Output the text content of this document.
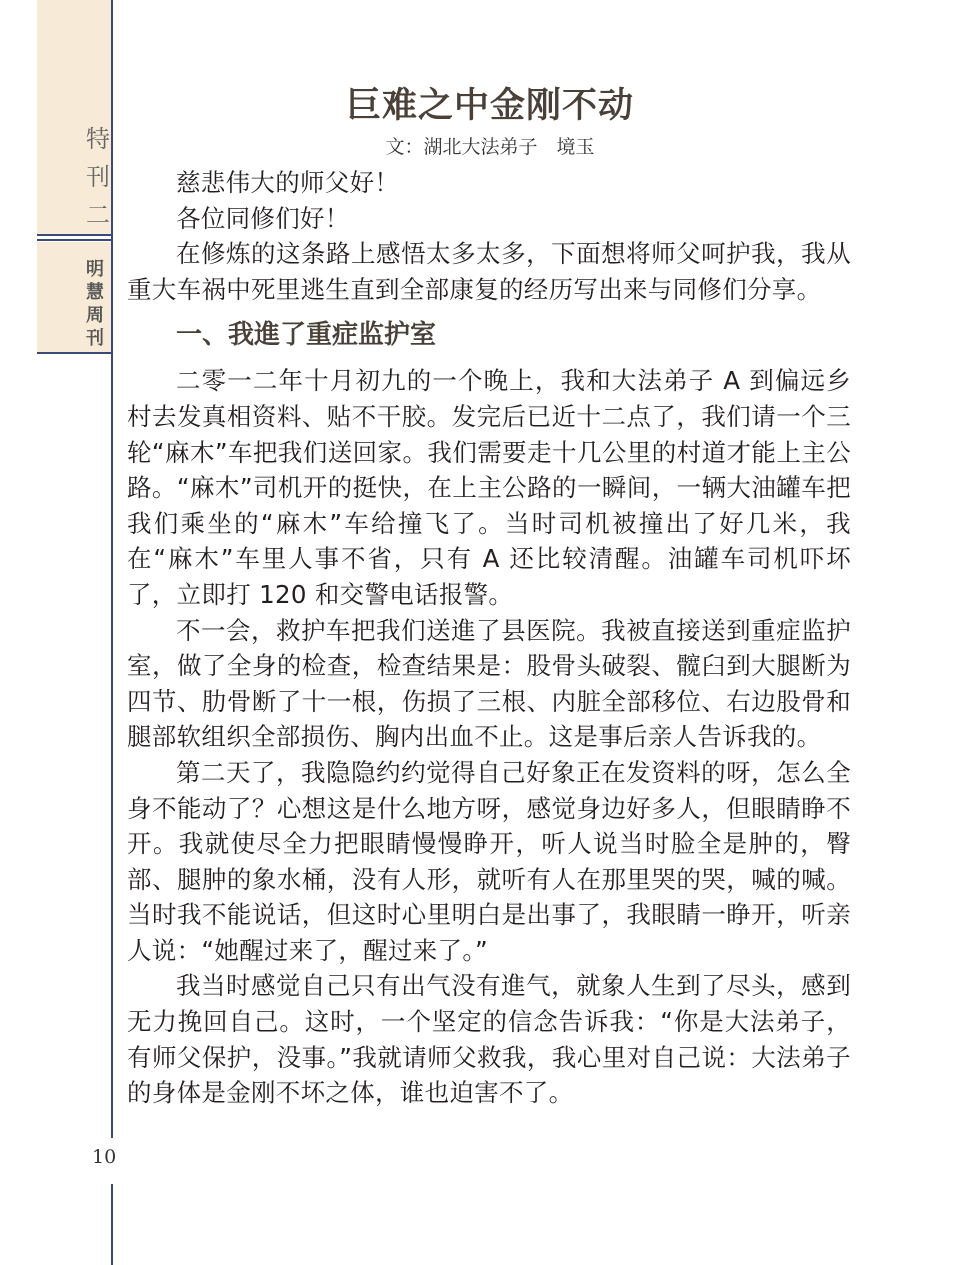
特
刊
二
明
慧
周
刊
10
巨难之中金刚不动
文：湖北大法弟子　境玉

慈悲伟大的师父好！

各位同修们好！

在修炼的这条路上感悟太多太多，下面想将师父呵护我，我从重大车祸中死里逃生直到全部康复的经历写出来与同修们分享。

一、我進了重症监护室

二零一二年十月初九的一个晚上，我和大法弟子 A 到偏远乡村去发真相资料、贴不干胶。发完后已近十二点了，我们请一个三轮“麻木”车把我们送回家。我们需要走十几公里的村道才能上主公路。“麻木”司机开的挺快，在上主公路的一瞬间，一辆大油罐车把我们乘坐的“麻木”车给撞飞了。当时司机被撞出了好几米，我在“麻木”车里人事不省，只有 A 还比较清醒。油罐车司机吓坏了，立即打 120 和交警电话报警。

不一会，救护车把我们送進了县医院。我被直接送到重症监护室，做了全身的检查，检查结果是：股骨头破裂、髋臼到大腿断为四节、肋骨断了十一根，伤损了三根、内脏全部移位、右边股骨和腿部软组织全部损伤、胸内出血不止。这是事后亲人告诉我的。

第二天了，我隐隐约约觉得自己好象正在发资料的呀，怎么全身不能动了？心想这是什么地方呀，感觉身边好多人，但眼睛睁不开。我就使尽全力把眼睛慢慢睁开，听人说当时脸全是肿的，臀部、腿肿的象水桶，没有人形，就听有人在那里哭的哭，喊的喊。当时我不能说话，但这时心里明白是出事了，我眼睛一睁开，听亲人说：“她醒过来了，醒过来了。”

我当时感觉自己只有出气没有進气，就象人生到了尽头，感到无力挽回自己。这时，一个坚定的信念告诉我：“你是大法弟子，有师父保护，没事。”我就请师父救我，我心里对自己说：大法弟子的身体是金刚不坏之体，谁也迫害不了。
